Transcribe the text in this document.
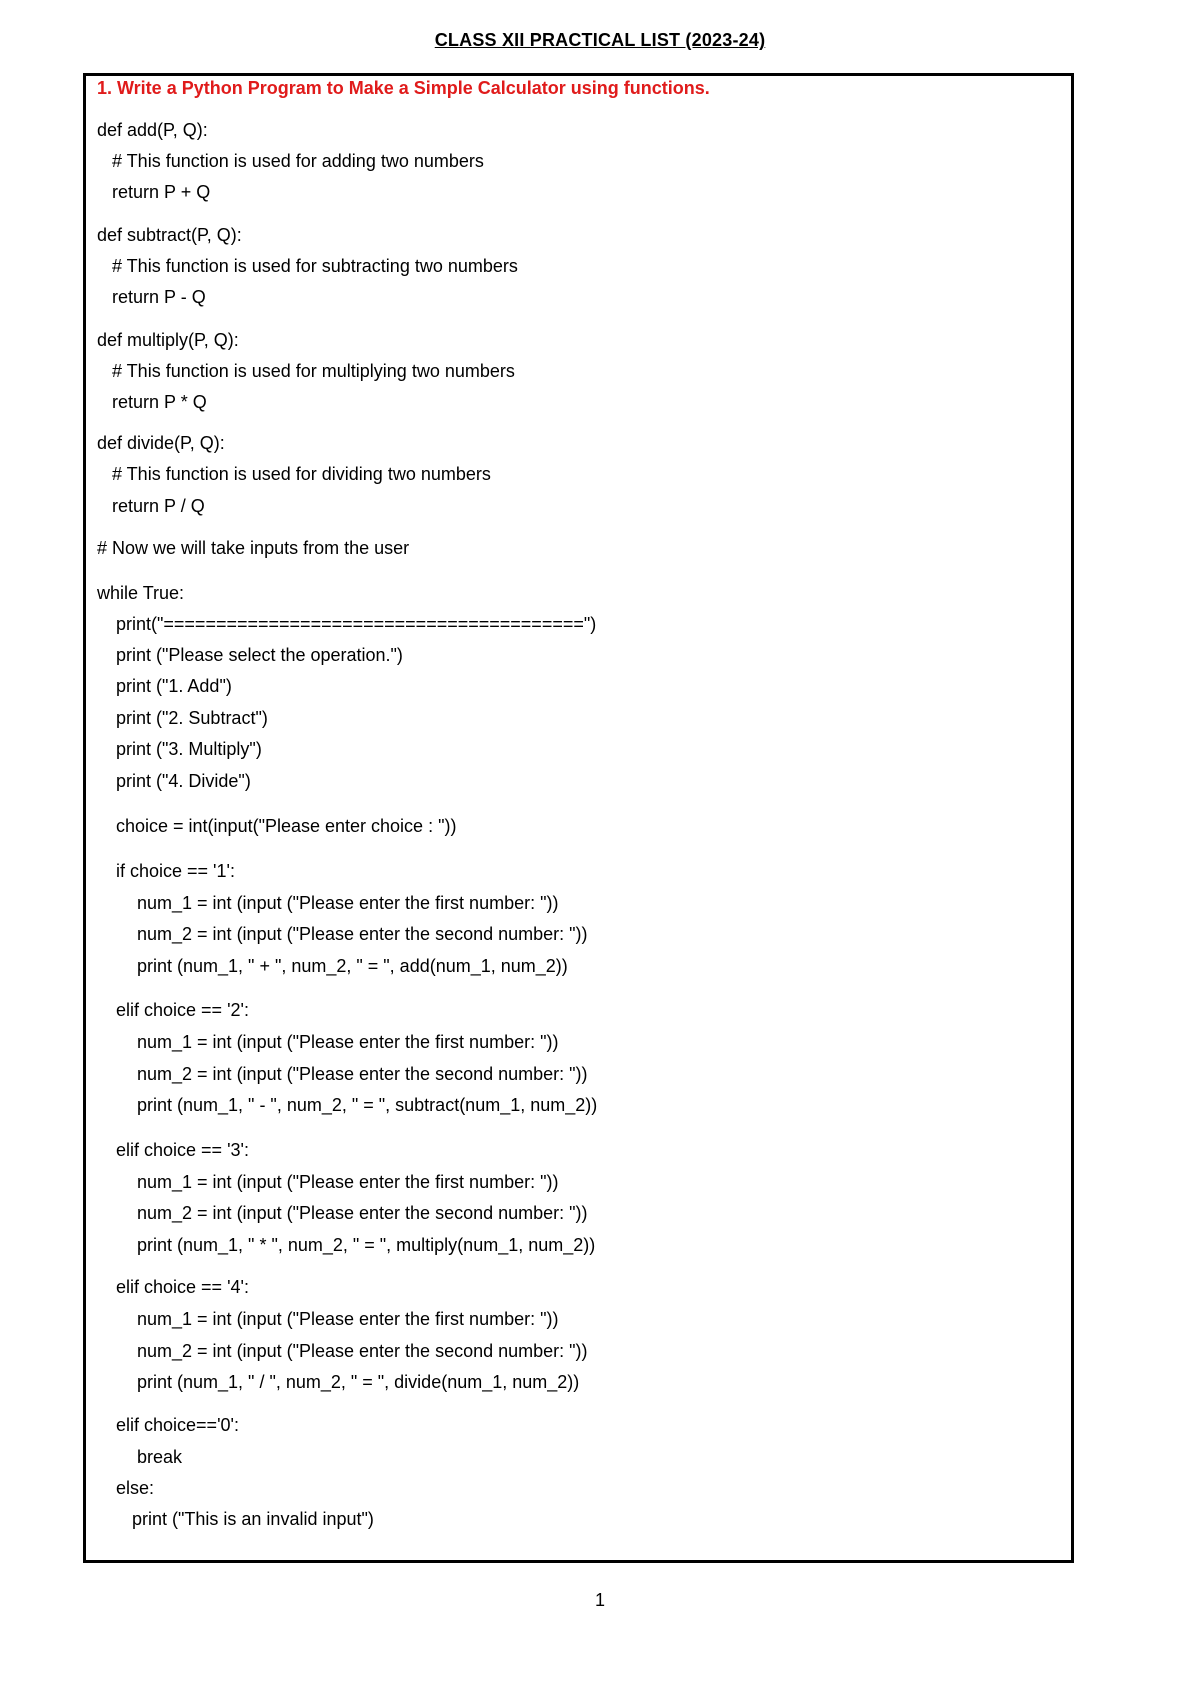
CLASS XII PRACTICAL LIST (2023-24)
1. Write a Python Program to Make a Simple Calculator using functions.
def add(P, Q):
# This function is used for adding two numbers
return P + Q
def subtract(P, Q):
# This function is used for subtracting two numbers
return P - Q
def multiply(P, Q):
# This function is used for multiplying two numbers
return P * Q
def divide(P, Q):
# This function is used for dividing two numbers
return P / Q
# Now we will take inputs from the user
while True:
print("========================================")
print ("Please select the operation.")
print ("1. Add")
print ("2. Subtract")
print ("3. Multiply")
print ("4. Divide")
choice = int(input("Please enter choice : "))
if choice == '1':
num_1 = int (input ("Please enter the first number: "))
num_2 = int (input ("Please enter the second number: "))
print (num_1, " + ", num_2, " = ", add(num_1, num_2))
elif choice == '2':
num_1 = int (input ("Please enter the first number: "))
num_2 = int (input ("Please enter the second number: "))
print (num_1, " - ", num_2, " = ", subtract(num_1, num_2))
elif choice == '3':
num_1 = int (input ("Please enter the first number: "))
num_2 = int (input ("Please enter the second number: "))
print (num_1, " * ", num_2, " = ", multiply(num_1, num_2))
elif choice == '4':
num_1 = int (input ("Please enter the first number: "))
num_2 = int (input ("Please enter the second number: "))
print (num_1, " / ", num_2, " = ", divide(num_1, num_2))
elif choice=='0':
break
else:
print ("This is an invalid input")
1
